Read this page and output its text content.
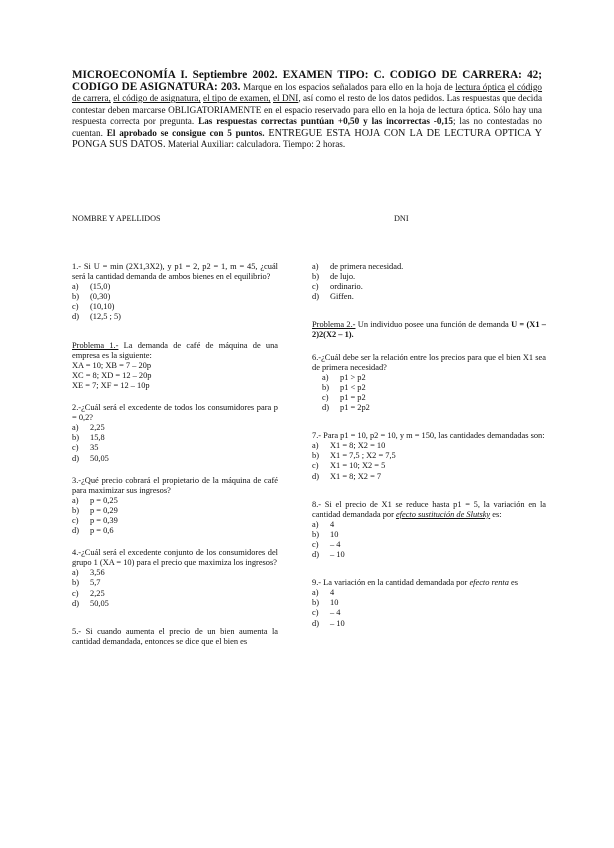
MICROECONOMÍA I. Septiembre 2002. EXAMEN TIPO: C. CODIGO DE CARRERA: 42; CODIGO DE ASIGNATURA: 203. Marque en los espacios señalados para ello en la hoja de lectura óptica el código de carrera, el código de asignatura, el tipo de examen, el DNI, así como el resto de los datos pedidos. Las respuestas que decida contestar deben marcarse OBLIGATORIAMENTE en el espacio reservado para ello en la hoja de lectura óptica. Sólo hay una respuesta correcta por pregunta. Las respuestas correctas puntúan +0,50 y las incorrectas -0,15; las no contestadas no cuentan. El aprobado se consigue con 5 puntos. ENTREGUE ESTA HOJA CON LA DE LECTURA OPTICA Y PONGA SUS DATOS. Material Auxiliar: calculadora. Tiempo: 2 horas.
NOMBRE Y APELLIDOS	DNI

1.- Si U = min (2X1,3X2), y p1 = 2, p2 = 1, m = 45, ¿cuál será la cantidad demanda de ambos bienes en el equilibrio?

a)	(15,0)
b)	(0,30)
c)	(10,10)
d)	(12,5 ; 5)

Problema 1.- La demanda de café de máquina de una empresa es la siguiente:

XA = 10; XB = 7 – 20p

XC = 8; XD = 12 – 20p

XE = 7; XF = 12 – 10p

2.-¿Cuál será el excedente de todos los consumidores para p = 0,2?

a)	2,25
b)	15,8
c)	35
d)	50,05

3.-¿Qué precio cobrará el propietario de la máquina de café para maximizar sus ingresos?

a)	p = 0,25
b)	p = 0,29
c)	p = 0,39
d)	p = 0,6

4.-¿Cuál será el excedente conjunto de los consumidores del grupo 1 (XA = 10) para el precio que maximiza los ingresos?

a)	3,56
b)	5,7
c)	2,25
d)	50,05

5.- Si cuando aumenta el precio de un bien aumenta la cantidad demandada, entonces se dice que el bien es

a)	de primera necesidad.
b)	de lujo.
c)	ordinario.
d)	Giffen.

Problema 2.- Un individuo posee una función de demanda U = (X1 – 2)2(X2 – 1).

6.-¿Cuál debe ser la relación entre los precios para que el bien X1 sea de primera necesidad?

a)	p1 > p2
b)	p1 < p2
c)	p1 = p2
d)	p1 = 2p2

7.- Para p1 = 10, p2 = 10, y m = 150, las cantidades demandadas son:

a)	X1 = 8; X2 = 10
b)	X1 = 7,5 ; X2 = 7,5
c)	X1 = 10; X2 = 5
d)	X1 = 8; X2 = 7

8.- Si el precio de X1 se reduce hasta p1 = 5, la variación en la cantidad demandada por efecto sustitución de Slutsky es:

a)	4
b)	10
c)	– 4
d)	– 10

9.- La variación en la cantidad demandada por efecto renta es

a)	4
b)	10
c)	– 4
d)	– 10
